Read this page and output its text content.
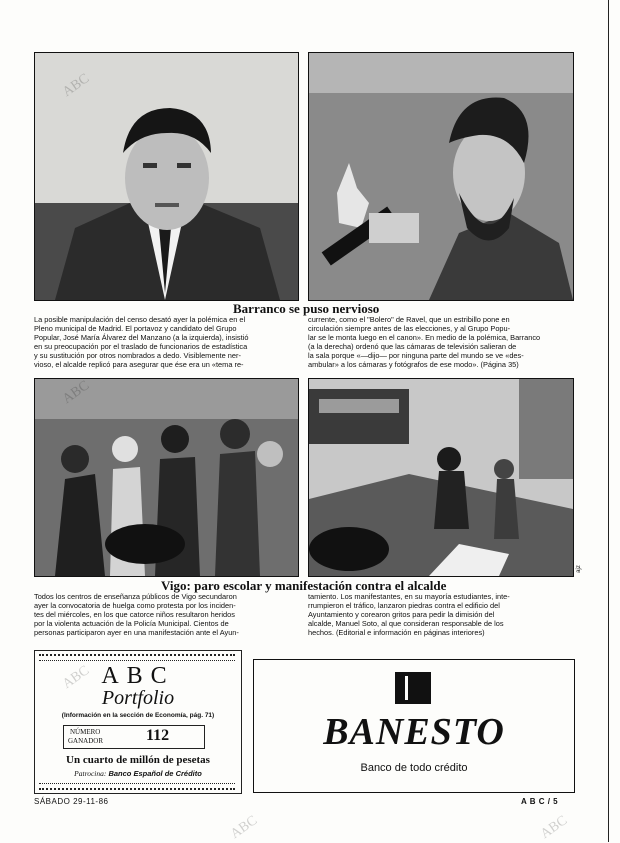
Barranco se puso nervioso
La posible manipulación del censo desató ayer la polémica en el
Pleno municipal de Madrid. El portavoz y candidato del Grupo
Popular, José María Álvarez del Manzano (a la izquierda), insistió
en su preocupación por el traslado de funcionarios de estadística
y su sustitución por otros nombrados a dedo. Visiblemente ner-
vioso, el alcalde replicó para asegurar que ése era un «tema re-
currente, como el "Bolero" de Ravel, que un estribillo pone en
circulación siempre antes de las elecciones, y al Grupo Popu-
lar se le monta luego en el canon». En medio de la polémica, Barranco
(a la derecha) ordenó que las cámaras de televisión salieran de
la sala porque «—dijo— por ninguna parte del mundo se ve «des-
ambular» a los cámaras y fotógrafos de ese modo». (Página 35)
ajz
Vigo: paro escolar y manifestación contra el alcalde
Todos los centros de enseñanza públicos de Vigo secundaron
ayer la convocatoria de huelga como protesta por los inciden-
tes del miércoles, en los que catorce niños resultaron heridos
por la violenta actuación de la Policía Municipal. Cientos de
personas participaron ayer en una manifestación ante el Ayun-
tamiento. Los manifestantes, en su mayoría estudiantes, inte-
rrumpieron el tráfico, lanzaron piedras contra el edificio del
Ayuntamiento y corearon gritos para pedir la dimisión del
alcalde, Manuel Soto, al que consideran responsable de los
hechos. (Editorial e información en páginas interiores)
ABC
Portfolio
(Información en la sección de Economía, pág. 71)
NÚMERO
GANADOR	112
Un cuarto de millón de pesetas
Patrocina: Banco Español de Crédito
BANESTO
Banco de todo crédito
SÁBADO 29-11-86	A B C / 5
ABC
ABC
ABC
ABC	ABC
